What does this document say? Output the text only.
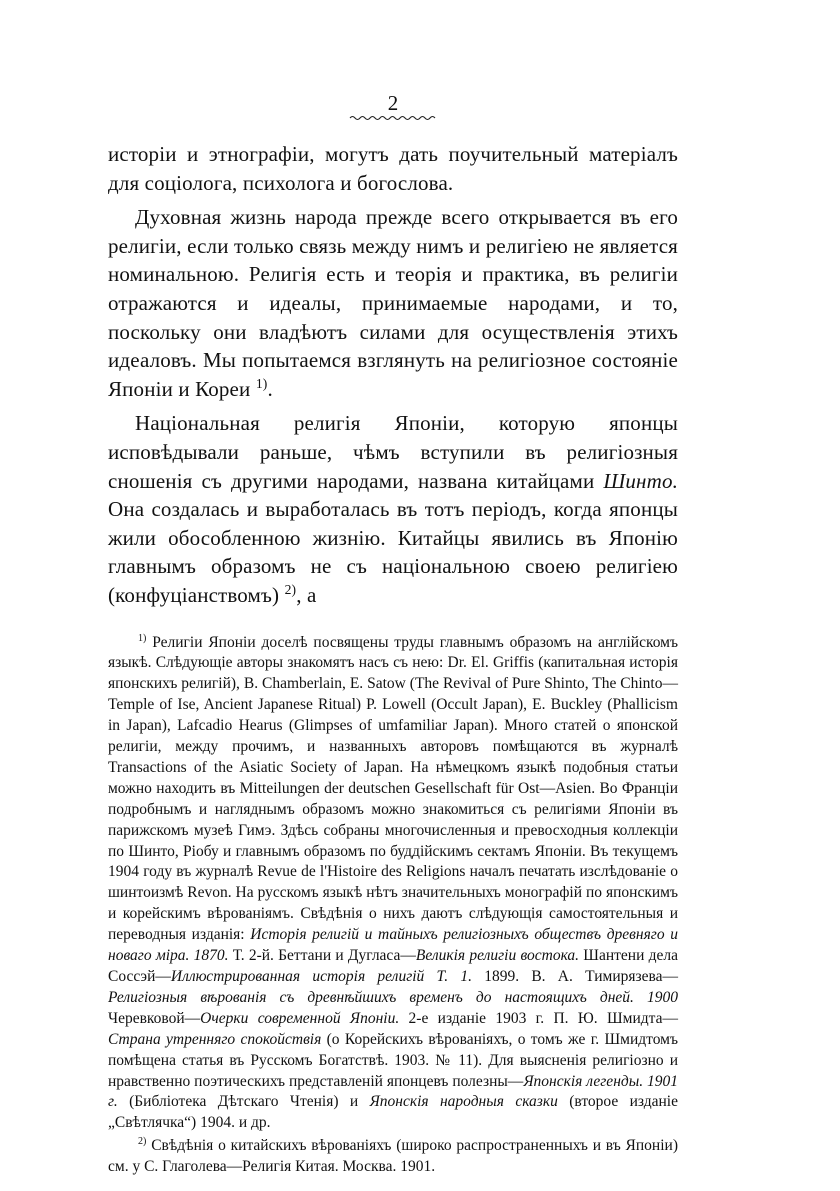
2

исторіи и этнографіи, могутъ дать поучительный матеріалъ для соціолога, психолога и богослова.

Духовная жизнь народа прежде всего открывается въ его религіи, если только связь между нимъ и религіею не является номинальною. Религія есть и теорія и практика, въ религіи отражаются и идеалы, принимаемые народами, и то, поскольку они владѣютъ силами для осуществленія этихъ идеаловъ. Мы попытаемся взглянуть на религіозное состояніе Японіи и Кореи $^{1)}$.

Національная религія Японіи, которую японцы исповѣдывали раньше, чѣмъ вступили въ религіозныя сношенія съ другими народами, названа китайцами Шинто. Она создалась и выработалась въ тотъ періодъ, когда японцы жили обособленною жизнію. Китайцы явились въ Японію главнымъ образомъ не съ національною своею религіею (конфуціанствомъ) $^{2)}$, а

$^{1)}$ Религіи Японіи доселѣ посвящены труды главнымъ образомъ на англійскомъ языкѣ. Слѣдующіе авторы знакомятъ насъ съ нею: Dr. El. Griffis (капитальная исторія японскихъ религій), B. Chamberlain, E. Satow (The Revival of Pure Shinto, The Chinto—Temple of Ise, Ancient Japanese Ritual) P. Lowell (Occult Japan), E. Buckley (Phallicism in Japan), Lafcadio Hearus (Glimpses of umfamiliar Japan). Много статей о японской религіи, между прочимъ, и названныхъ авторовъ помѣщаются въ журналѣ Transactions of the Asiatic Society of Japan. На нѣмецкомъ языкѣ подобныя статьи можно находить въ Mitteilungen der deutschen Gesellschaft für Ost—Asien. Во Франціи подробнымъ и нагляднымъ образомъ можно знакомиться съ религіями Японіи въ парижскомъ музеѣ Гимэ. Здѣсь собраны многочисленныя и превосходныя коллекціи по Шинто, Ріобу и главнымъ образомъ по буддійскимъ сектамъ Японіи. Въ текущемъ 1904 году въ журналѣ Revue de l'Histoire des Religions началъ печатать изслѣдованіе о шинтоизмѣ Revon. На русскомъ языкѣ нѣтъ значительныхъ монографій по японскимъ и корейскимъ вѣрованіямъ. Свѣдѣнія о нихъ даютъ слѣдующія самостоятельныя и переводныя изданія: Исторія религій и тайныхъ религіозныхъ обществъ древняго и новаго міра. 1870. Т. 2-й. Беттани и Дугласа—Великія религіи востока. Шантени дела Соссэй—Иллюстрированная исторія религій Т. 1. 1899. В. А. Тимирязева—Религіозныя вѣрованія съ древнѣйшихъ временъ до настоящихъ дней. 1900 Черевковой—Очерки современной Японіи. 2-е изданіе 1903 г. П. Ю. Шмидта—Страна утренняго спокойствія (о Корейскихъ вѣрованіяхъ, о томъ же г. Шмидтомъ помѣщена статья въ Русскомъ Богатствѣ. 1903. № 11). Для выясненія религіозно и нравственно поэтическихъ представленій японцевъ полезны—Японскія легенды. 1901 г. (Библіотека Дѣтскаго Чтенія) и Японскія народныя сказки (второе изданіе „Свѣтлячка“) 1904. и др.

$^{2)}$ Свѣдѣнія о китайскихъ вѣрованіяхъ (широко распространенныхъ и въ Японіи) см. у С. Глаголева—Религія Китая. Москва. 1901.
